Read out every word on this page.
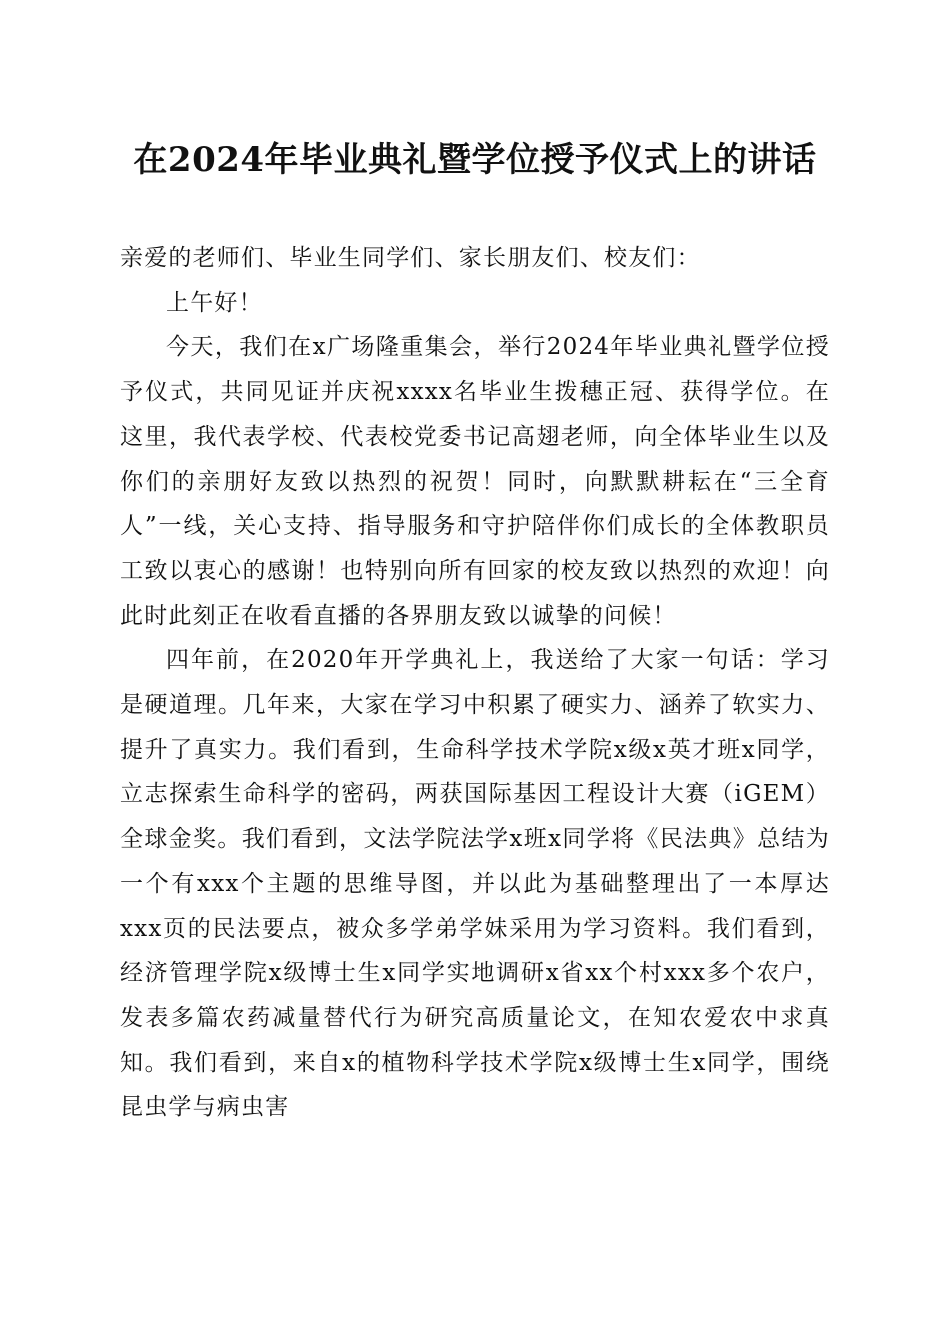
在2024年毕业典礼暨学位授予仪式上的讲话

亲爱的老师们、毕业生同学们、家长朋友们、校友们：

上午好！

今天，我们在x广场隆重集会，举行2024年毕业典礼暨学位授予仪式，共同见证并庆祝xxxx名毕业生拨穗正冠、获得学位。在这里，我代表学校、代表校党委书记高翅老师，向全体毕业生以及你们的亲朋好友致以热烈的祝贺！同时，向默默耕耘在“三全育人”一线，关心支持、指导服务和守护陪伴你们成长的全体教职员工致以衷心的感谢！也特别向所有回家的校友致以热烈的欢迎！向此时此刻正在收看直播的各界朋友致以诚挚的问候！

四年前，在2020年开学典礼上，我送给了大家一句话：学习是硬道理。几年来，大家在学习中积累了硬实力、涵养了软实力、提升了真实力。我们看到，生命科学技术学院x级x英才班x同学，立志探索生命科学的密码，两获国际基因工程设计大赛（iGEM）全球金奖。我们看到，文法学院法学x班x同学将《民法典》总结为一个有xxx个主题的思维导图，并以此为基础整理出了一本厚达xxx页的民法要点，被众多学弟学妹采用为学习资料。我们看到，经济管理学院x级博士生x同学实地调研x省xx个村xxx多个农户，发表多篇农药减量替代行为研究高质量论文，在知农爱农中求真知。我们看到，来自x的植物科学技术学院x级博士生x同学，围绕昆虫学与病虫害
